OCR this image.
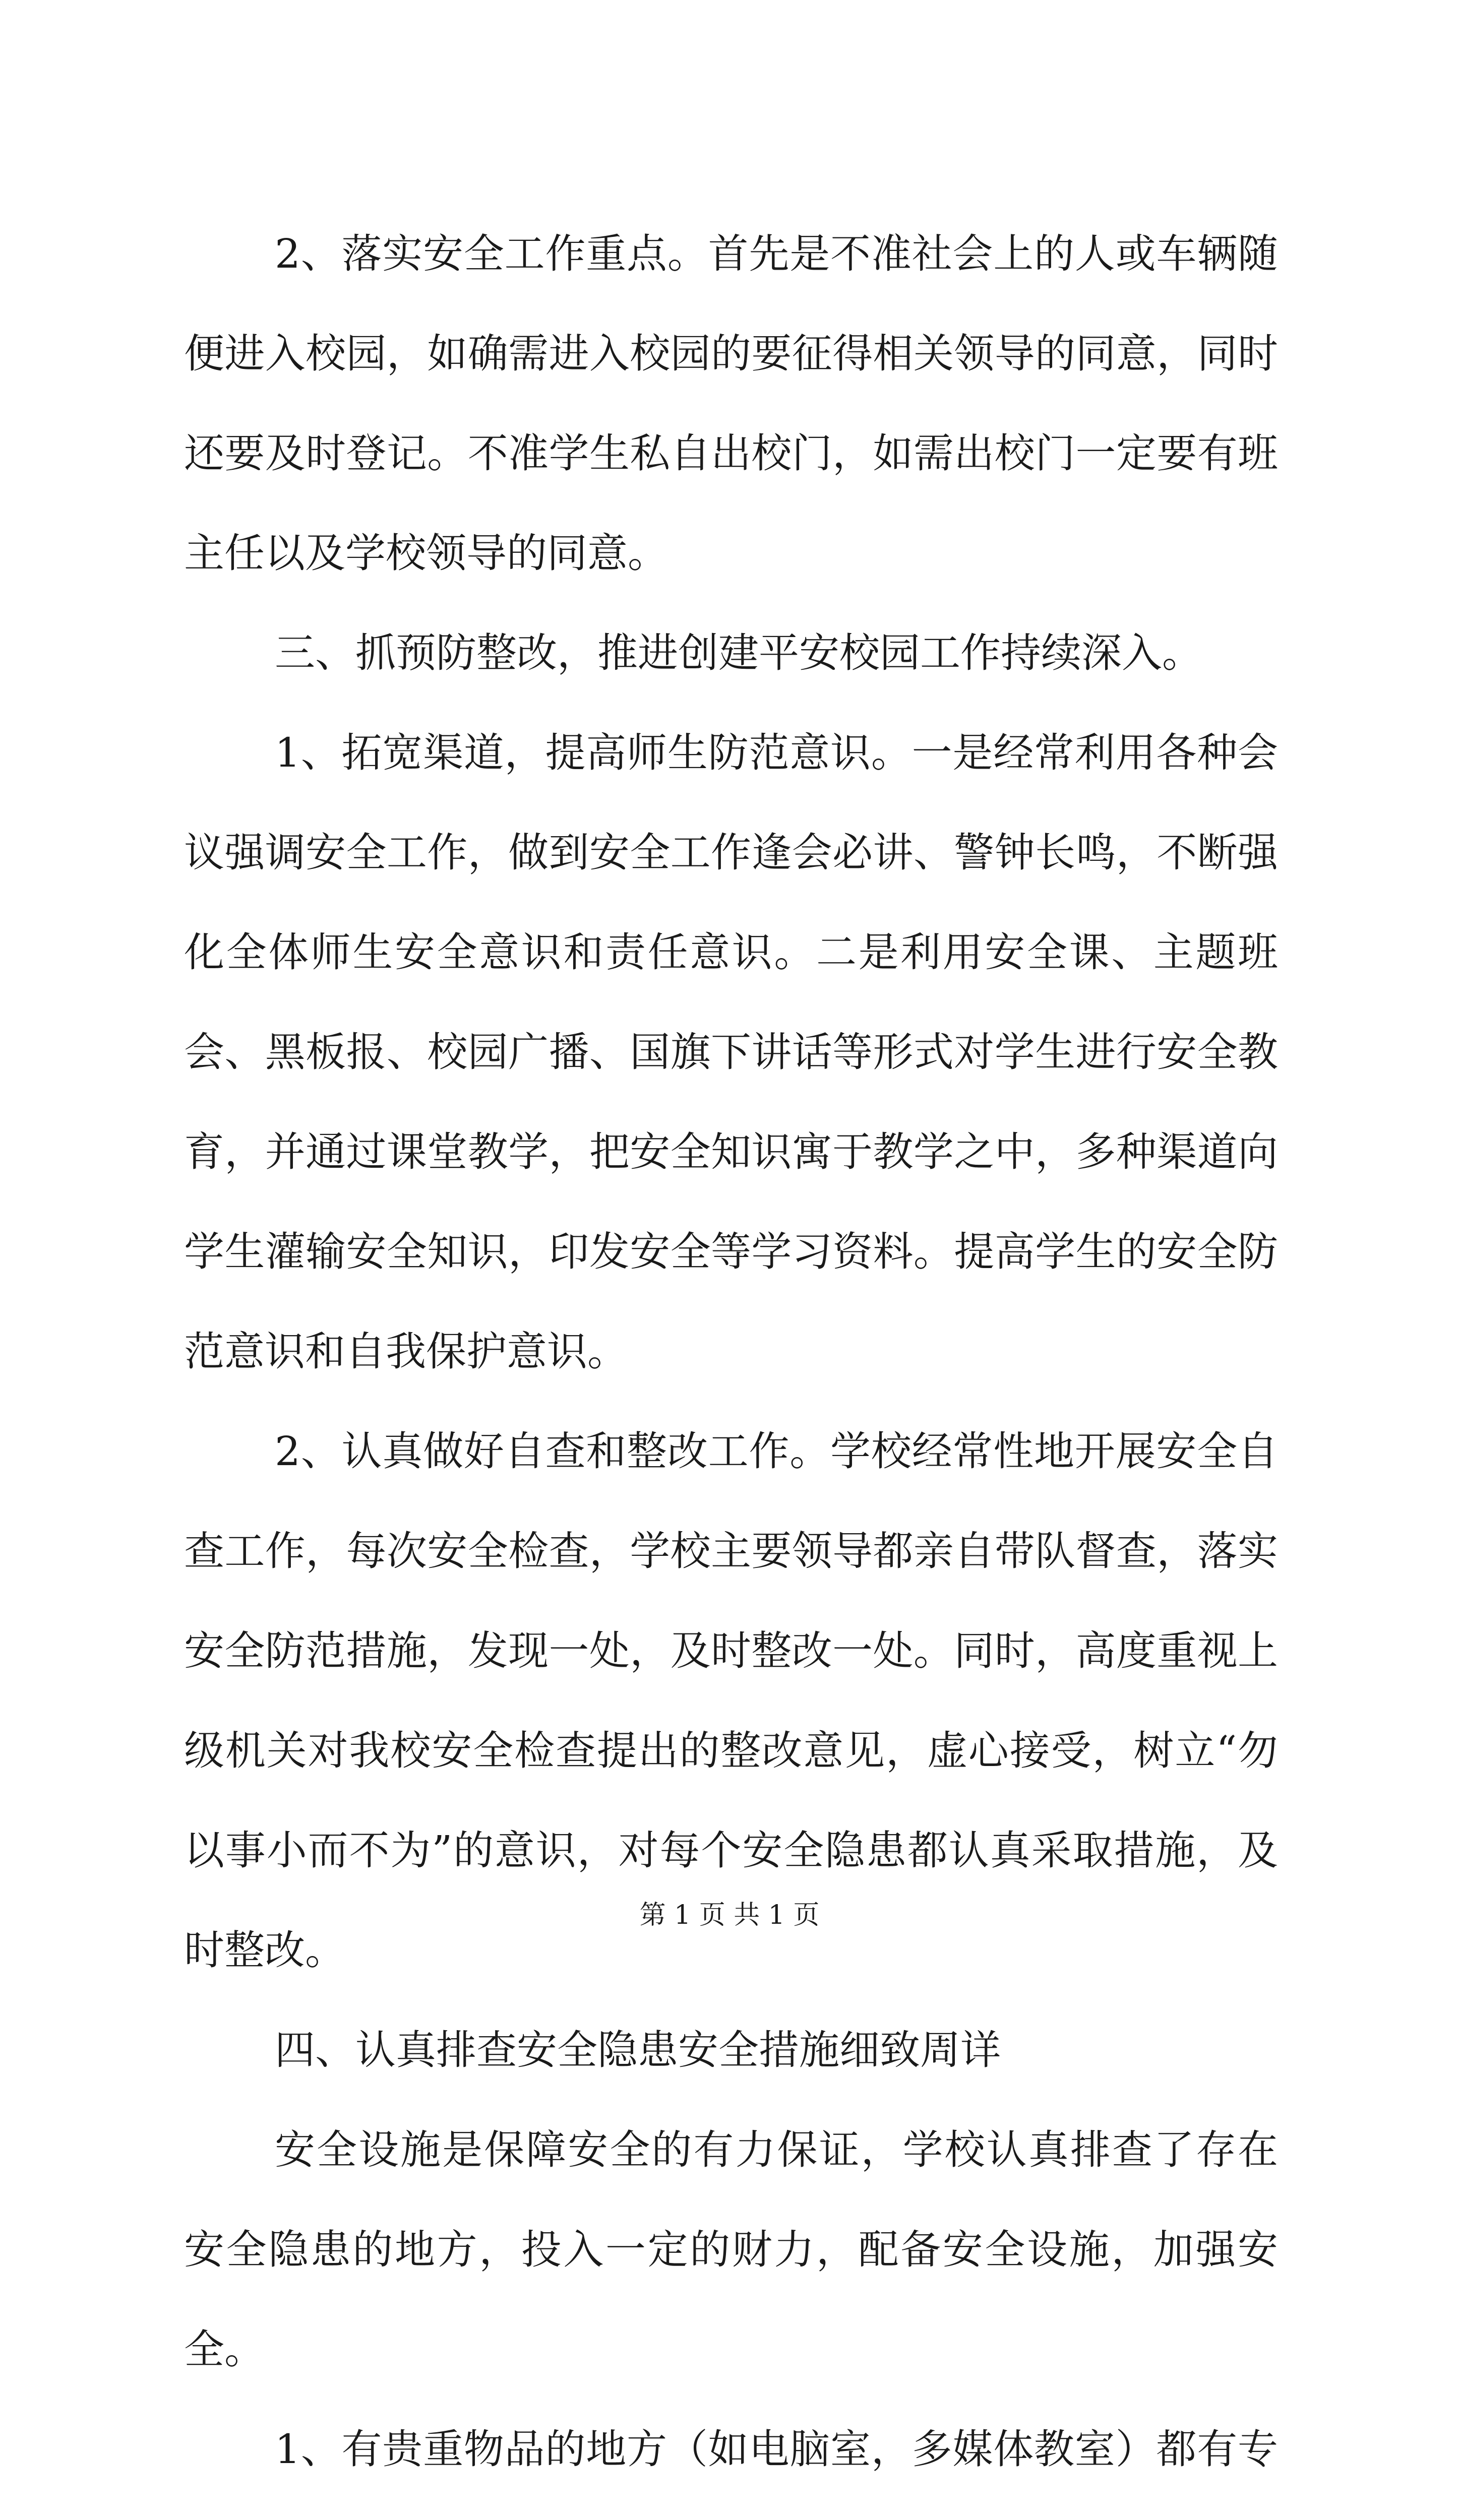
2、落实安全工作重点。首先是不准社会上的人或车辆随便进入校园，如确需进入校园的要征得相关领导的同意，同时还要及时登记。不准学生私自出校门，如需出校门一定要有班主任以及学校领导的同意。

三、抓预防整改，推进创建平安校园工作持续深入。

1、拓宽渠道，提高师生防范意识。一是经常利用各种会议强调安全工作，做到安全工作逢会必讲、警钟长鸣，不断强化全体师生安全意识和责任意识。二是利用安全课、主题班会、黑板报、校园广播、国旗下讲话等形式对学生进行安全教育，并通过课堂教学，把安全知识寓于教学之中，多种渠道向学生灌输安全知识，印发安全等学习资料。提高学生的安全防范意识和自我保护意识。

2、认真做好自查和整改工作。学校经常性地开展安全自查工作，每次安全检查，学校主要领导都亲自带队督查，落实安全防范措施，发现一处，及时整改一处。同时，高度重视上级机关对我校安全检查提出的整改意见，虚心接受，树立“勿以事小而不为”的意识，对每个安全隐患都认真采取措施，及时整改。

四、认真排查安全隐患安全措施细致周详

安全设施是保障安全的有力保证，学校认真排查了存在安全隐患的地方，投入一定的财力，配备安全设施，加强安全。

1、有贵重物品的地方（如电脑室，多媒体教室）都有专

第 1 页 共 1 页
